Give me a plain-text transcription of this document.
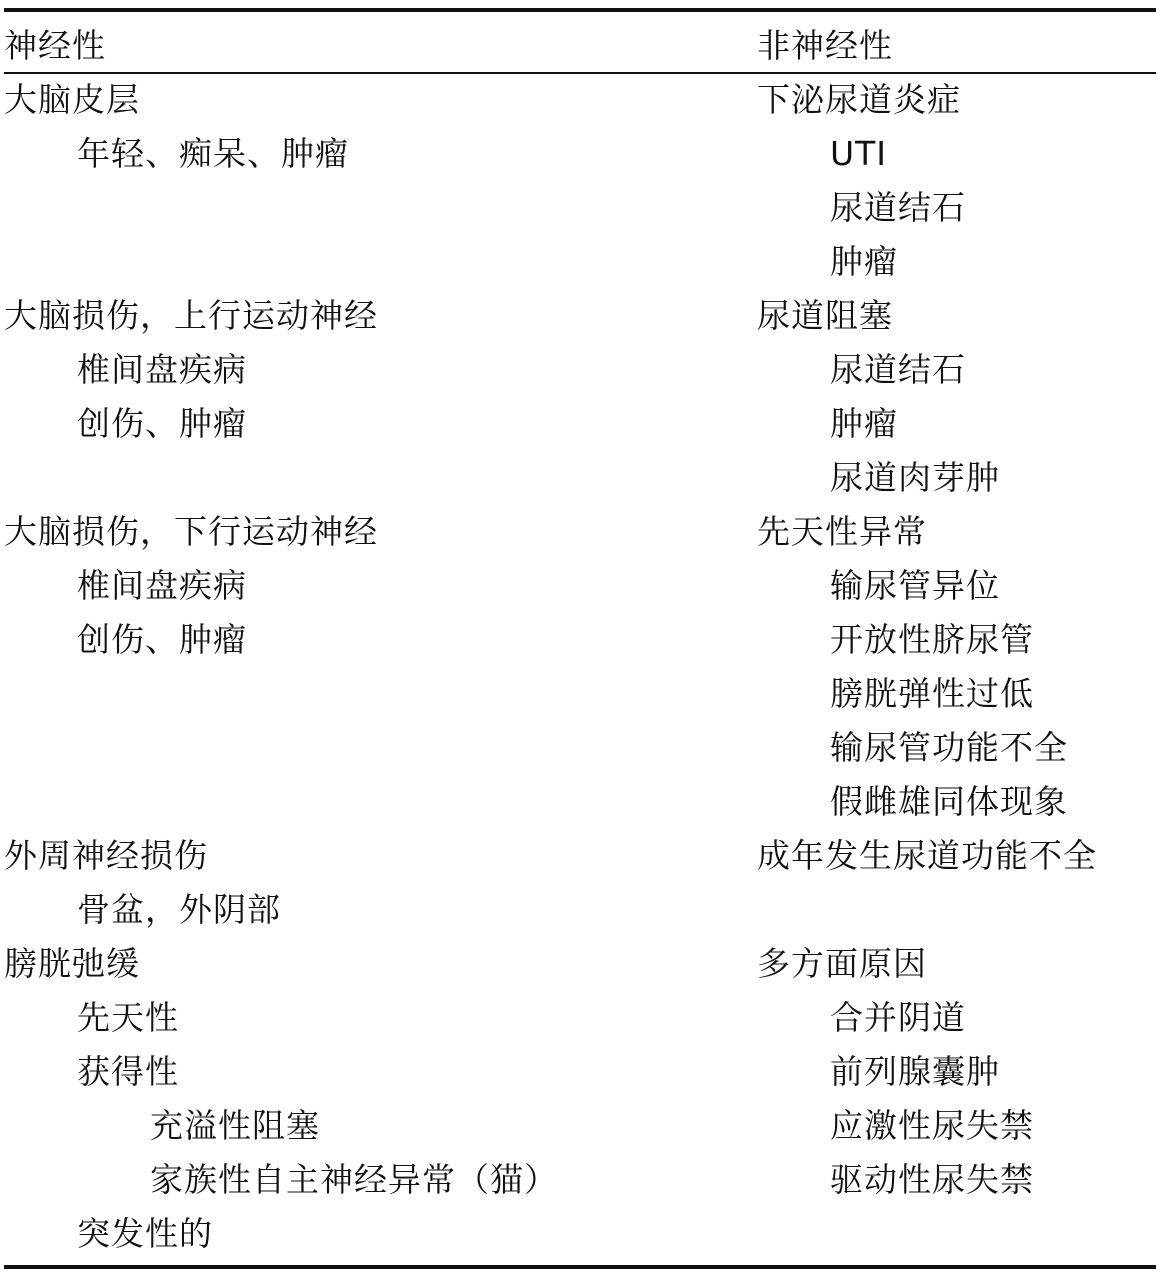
神经性	非神经性
大脑皮层
年轻、痴呆、肿瘤
大脑损伤，上行运动神经
椎间盘疾病
创伤、肿瘤
大脑损伤，下行运动神经
椎间盘疾病
创伤、肿瘤
外周神经损伤
骨盆，外阴部
膀胱弛缓
先天性
获得性
充溢性阻塞
家族性自主神经异常（猫）
突发性的
下泌尿道炎症
UTI
尿道结石
肿瘤
尿道阻塞
尿道结石
肿瘤
尿道肉芽肿
先天性异常
输尿管异位
开放性脐尿管
膀胱弹性过低
输尿管功能不全
假雌雄同体现象
成年发生尿道功能不全
多方面原因
合并阴道
前列腺囊肿
应激性尿失禁
驱动性尿失禁
